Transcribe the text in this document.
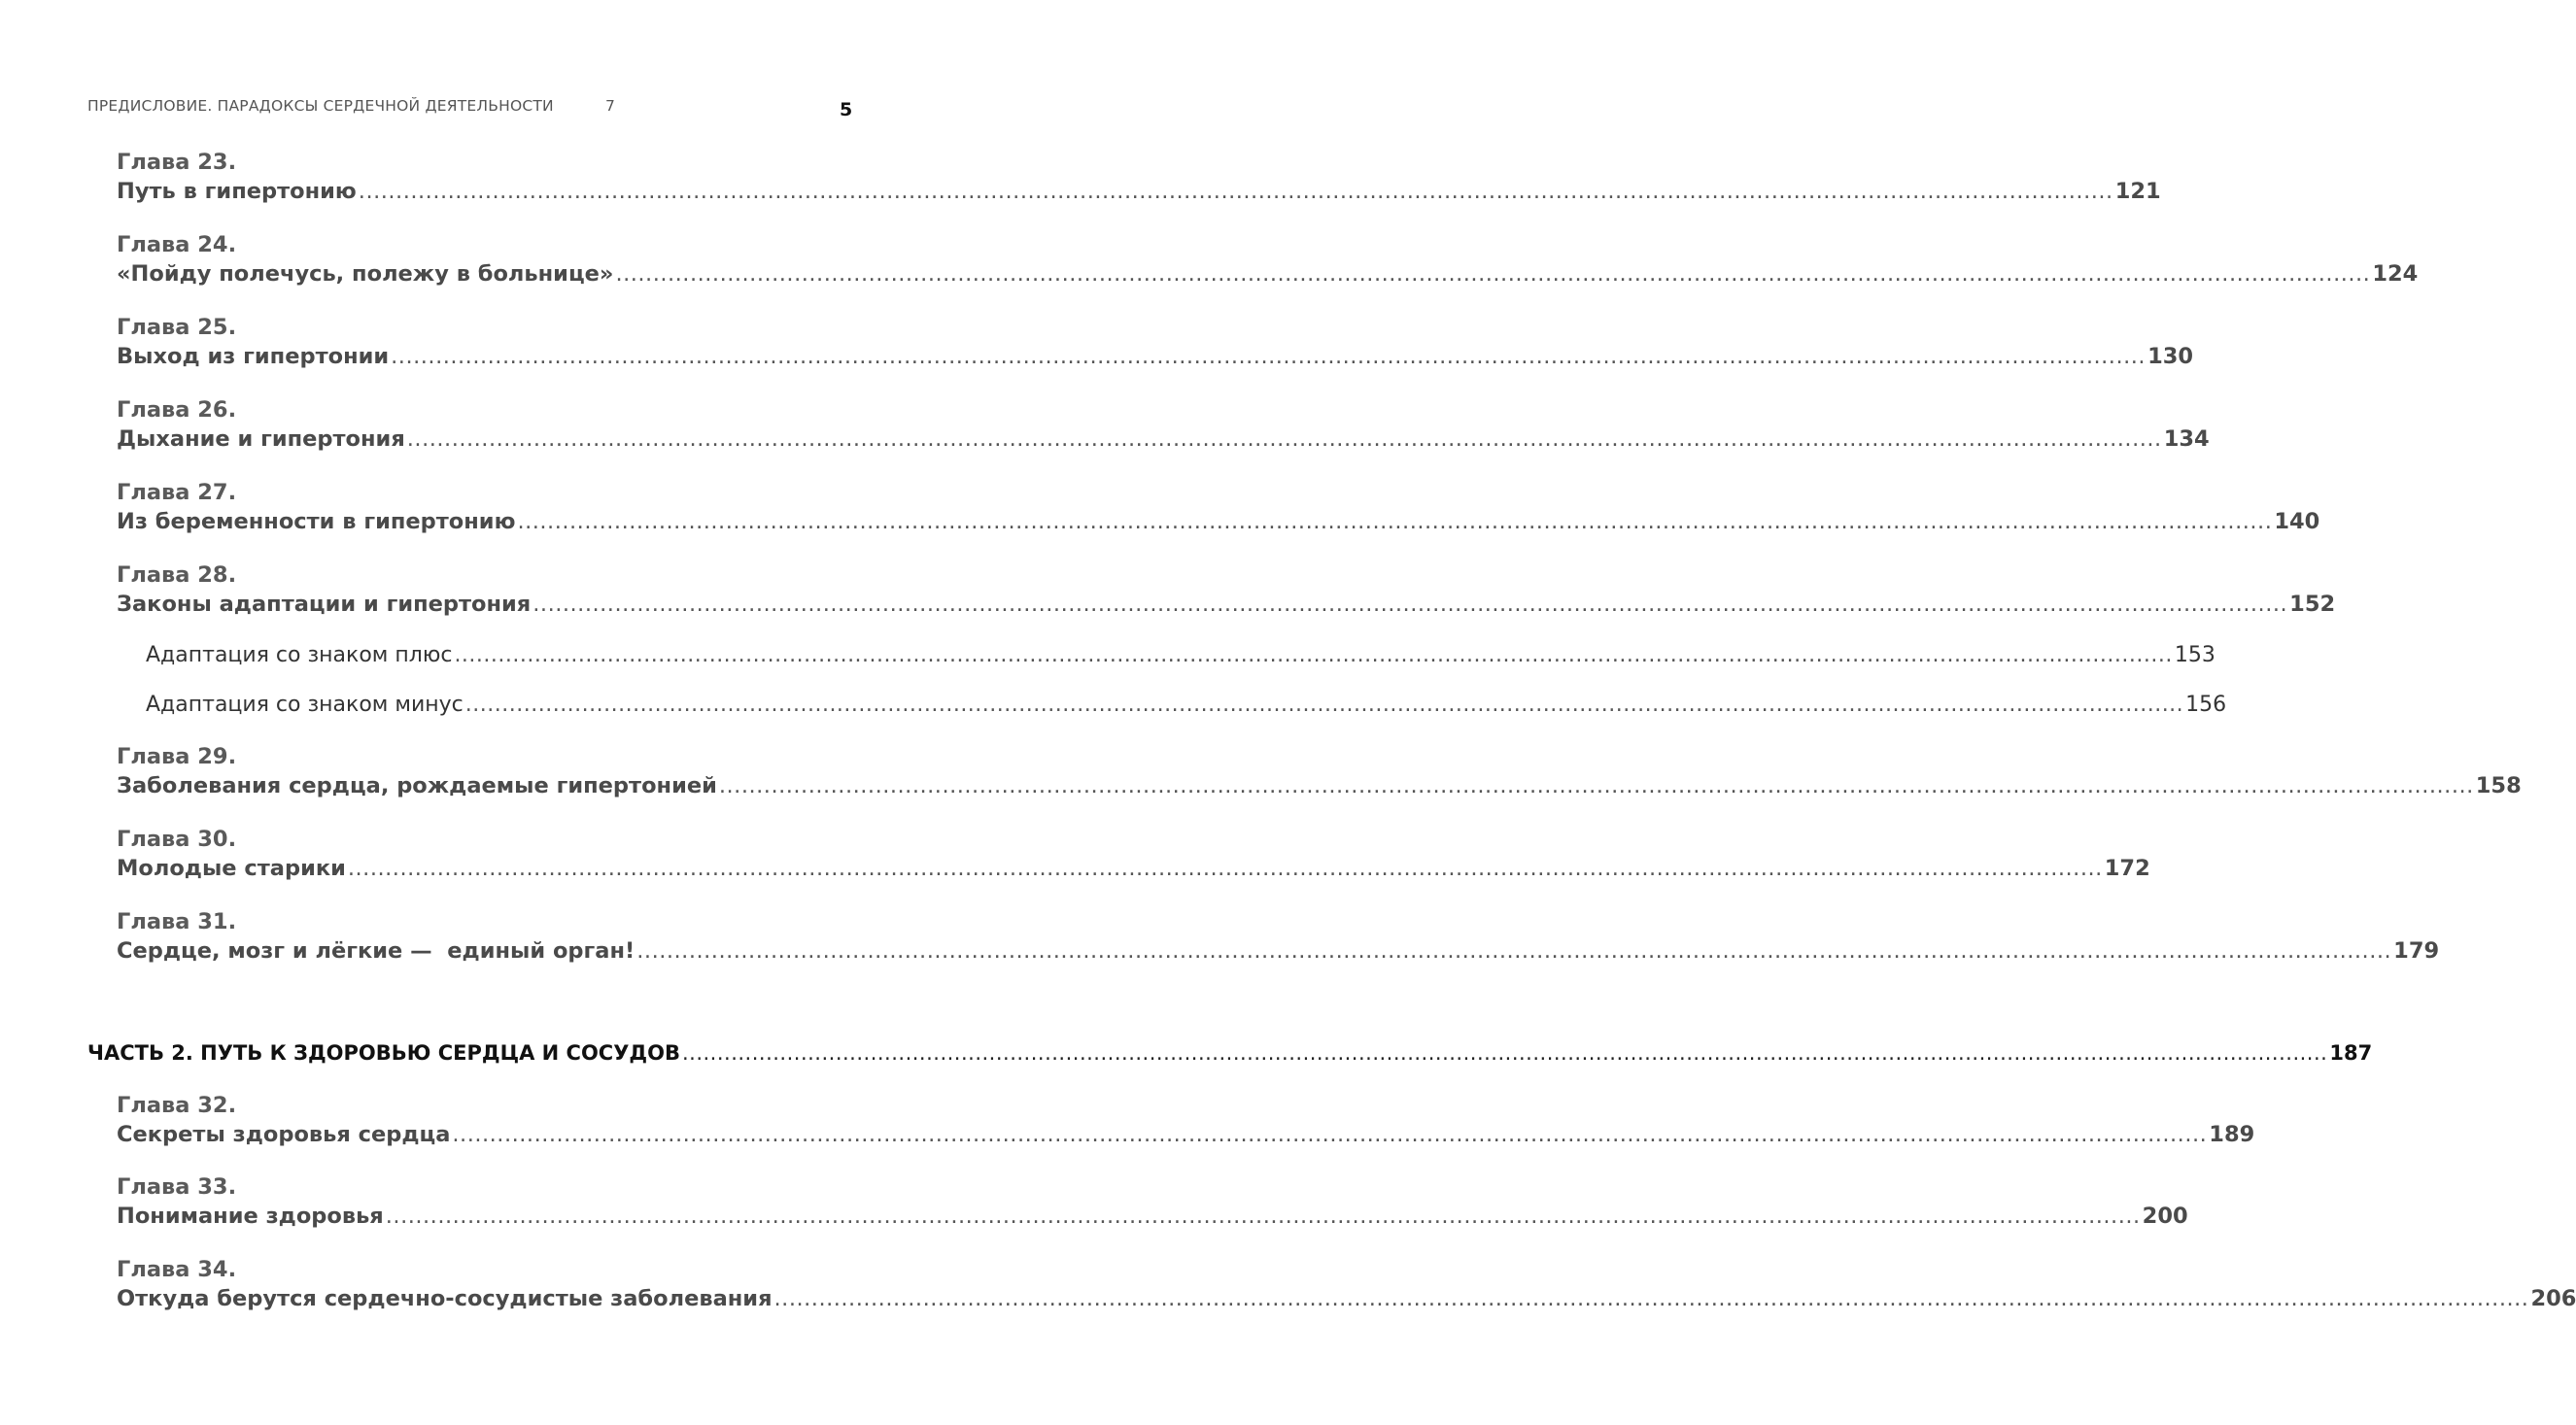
ПРЕДИСЛОВИЕ. ПАРАДОКСЫ СЕРДЕЧНОЙ ДЕЯТЕЛЬНОСТИ	7	5
Глава 23.
Путь в гипертонию ............................................................................................................................................................................................................................................ 121
Глава 24.
«Пойду полечусь, полежу в больнице» ............................................................................................................................................................................................................................................ 124
Глава 25.
Выход из гипертонии ............................................................................................................................................................................................................................................ 130
Глава 26.
Дыхание и гипертония ............................................................................................................................................................................................................................................ 134
Глава 27.
Из беременности в гипертонию ............................................................................................................................................................................................................................................ 140
Глава 28.
Законы адаптации и гипертония ............................................................................................................................................................................................................................................ 152
Адаптация со знаком плюс ............................................................................................................................................................................................................................................ 153
Адаптация со знаком минус ............................................................................................................................................................................................................................................ 156
Глава 29.
Заболевания сердца, рождаемые гипертонией ............................................................................................................................................................................................................................................ 158
Глава 30.
Молодые старики ............................................................................................................................................................................................................................................ 172
Глава 31.
Сердце, мозг и лёгкие —  единый орган! ............................................................................................................................................................................................................................................ 179
ЧАСТЬ 2. ПУТЬ К ЗДОРОВЬЮ СЕРДЦА И СОСУДОВ ............................................................................................................................................................................................................................................ 187
Глава 32.
Секреты здоровья сердца ............................................................................................................................................................................................................................................ 189
Глава 33.
Понимание здоровья ............................................................................................................................................................................................................................................ 200
Глава 34.
Откуда берутся сердечно-сосудистые заболевания ............................................................................................................................................................................................................................................ 206
